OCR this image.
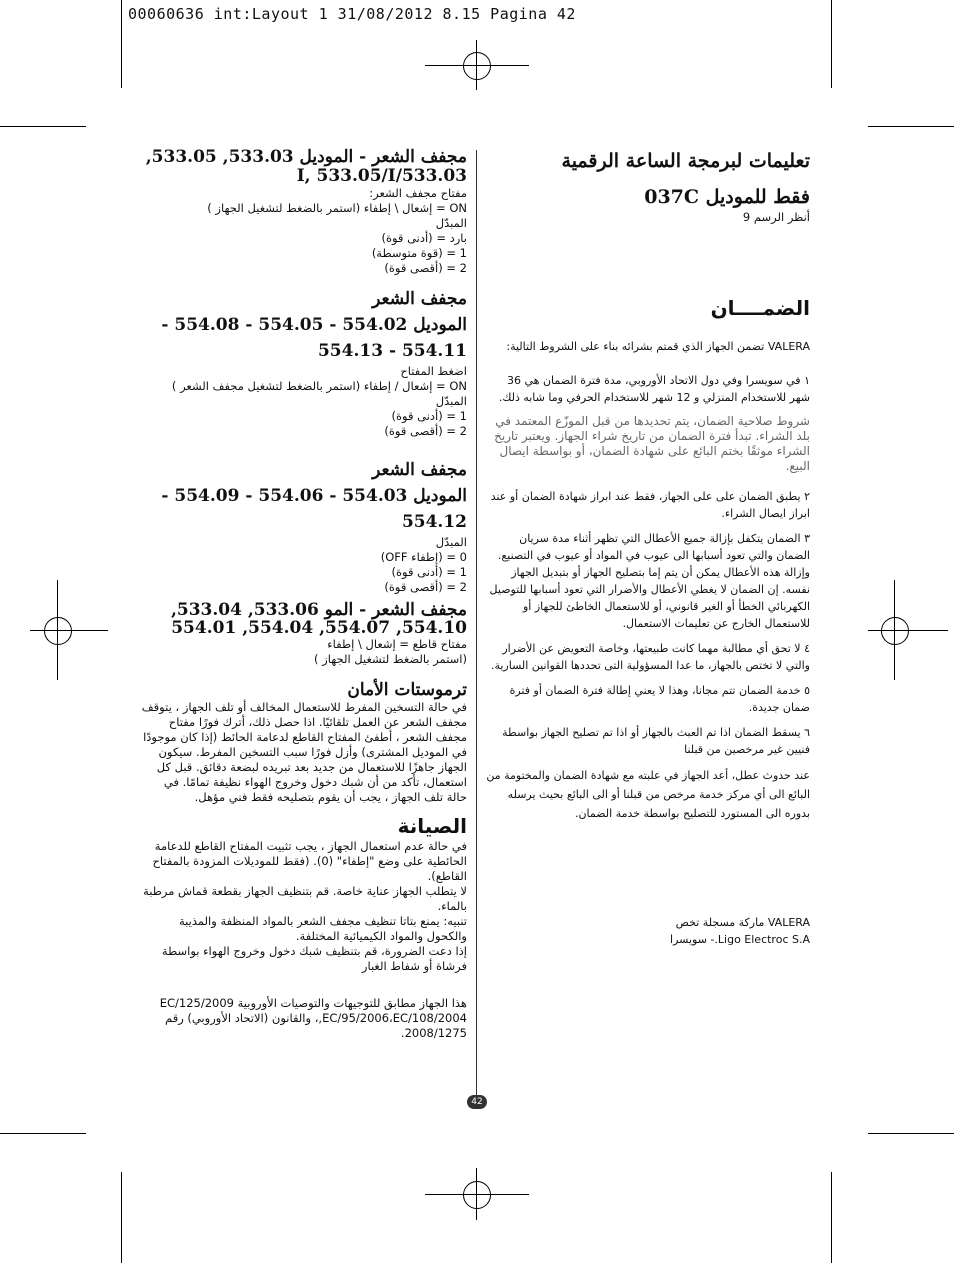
00060636 int:Layout 1 31/08/2012 8.15 Pagina 42
تعليمات لبرمجة الساعة الرقمية
فقط للموديل 037C
أنظر الرسم 9
الضمــــان
VALERA تضمن الجهاز الذي قمتم بشرائه بناء على الشروط التالية:
١ في سويسرا وفي دول الاتحاد الأوروبي، مدة فترة الضمان هي 36 شهر للاستخدام المنزلي و 12 شهر للاستخدام الحرفي وما شابه ذلك.
شروط صلاحية الضمان، يتم تحديدها من قبل الموزّع المعتمد في بلد الشراء. تبدأ فترة الضمان من تاريخ شراء الجهاز. ويعتبر تاريخ الشراء موثقًا بختم البائع على شهادة الضمان، أو بواسطة ايصال البيع.
٢ يطبق الضمان على على الجهاز، فقط عند ابراز شهادة الضمان أو عند ابراز ايصال الشراء.
٣ الضمان يتكفل بإزالة جميع الأعطال التي تظهر أثناء مدة سريان الضمان والتي تعود أسبابها الى عيوب في المواد أو عيوب في التصنيع. وإزالة هذه الأعطال يمكن أن يتم إما بتصليح الجهاز أو بتبديل الجهاز نفسه. إن الضمان لا يغطي الأعطال والأضرار التي تعود أسبابها للتوصيل الكهربائي الخطأ أو الغير قانوني، أو للاستعمال الخاطئ للجهاز أو للاستعمال الخارج عن تعليمات الاستعمال.
٤ لا تحق أي مطالبة مهما كانت طبيعتها، وخاصة التعويض عن الأضرار والتي لا تختص بالجهاز، ما عدا المسؤولية التى تحددها القوانين السارية.
٥ خدمة الضمان تتم مجانا، وهذا لا يعني إطالة فترة الضمان أو فترة ضمان جديدة.
٦ يسقط الضمان اذا تم العبث بالجهاز أو اذا تم تصليح الجهاز بواسطة فنيين غير مرخصين من قبلنا
عند حدوث عطل، أعد الجهاز في علبته مع شهادة الضمان والمختومة من البائع الى أي مركز خدمة مرخص من قبلنا أو الى البائع بحيث يرسله بدوره الى المستورد للتصليح بواسطة خدمة الضمان.
VALERA ماركة مسجلة تخص
Ligo Electroc S.A.- سويسرا
مجفف الشعر - الموديل 533.03, 533.05, 533.03/I, 533.05/I
مفتاح مجفف الشعر:
ON = إشعال \ إطفاء (استمر بالضغط لتشغيل الجهاز )
المبدّل
بارد = (أدنى قوة)
1 = (قوة متوسطة)
2 = (أقصى قوة)
مجفف الشعر
الموديل 554.02 - 554.05 - 554.08 -
554.11 - 554.13
اضغط المفتاح
ON = إشعال / إطفاء (استمر بالضغط لتشغيل مجفف الشعر )
المبدّل
1 = (أدنى قوة)
2 = (أقصى قوة)
مجفف الشعر
الموديل 554.03 - 554.06 - 554.09 -
554.12
المبدّل
0 = (إطفاء OFF)
1 = (أدنى قوة)
2 = (أقصى قوة)
مجفف الشعر - المو 533.06, 533.04, 554.10, 554.07, 554.04, 554.01
مفتاح قاطع = إشعال \ إطفاء
(استمر بالضغط لتشغيل الجهاز )
ترموستات الأمان
في حالة التسخين المفرط للاستعمال المخالف أو تلف الجهاز ، يتوقف مجفف الشعر عن العمل تلقائيًا. اذا حصل ذلك، أترك فورًا مفتاح مجفف الشعر ، أطفئ المفتاح القاطع لدعامة الحائط (إذا كان موجودًا في الموديل المشترى) وأزل فورًا سبب التسخين المفرط. سيكون الجهاز جاهزًا للاستعمال من جديد بعد تبريده لبضعة دقائق. قبل كل استعمال، تأكد من أن شبك دخول وخروج الهواء نظيفة تمامًا. في حالة تلف الجهاز ، يجب أن يقوم بتصليحه فقط فني مؤهل.
الصيانة
في حالة عدم استعمال الجهاز ، يجب تثبيت المفتاح القاطع للدعامة الحائطية على وضع "إطفاء" (0). (فقط للموديلات المزودة بالمفتاح القاطع).
لا يتطلب الجهاز عناية خاصة. قم بتنظيف الجهاز بقطعة قماش مرطبة بالماء.
تنبيه: يمنع بتاتا تنظيف مجفف الشعر بالمواد المنظفة والمذيبة والكحول والمواد الكيميائية المختلفة.
إذا دعت الضرورة، قم بتنظيف شبك دخول وخروج الهواء بواسطة فرشاة أو شفاط الغبار
هذا الجهاز مطابق للتوجيهات والتوصيات الأوروبية EC/125/2009 ,EC/95/2006،EC/108/2004، والقانون (الاتحاد الأوروبي) رقم 2008/1275.
42
